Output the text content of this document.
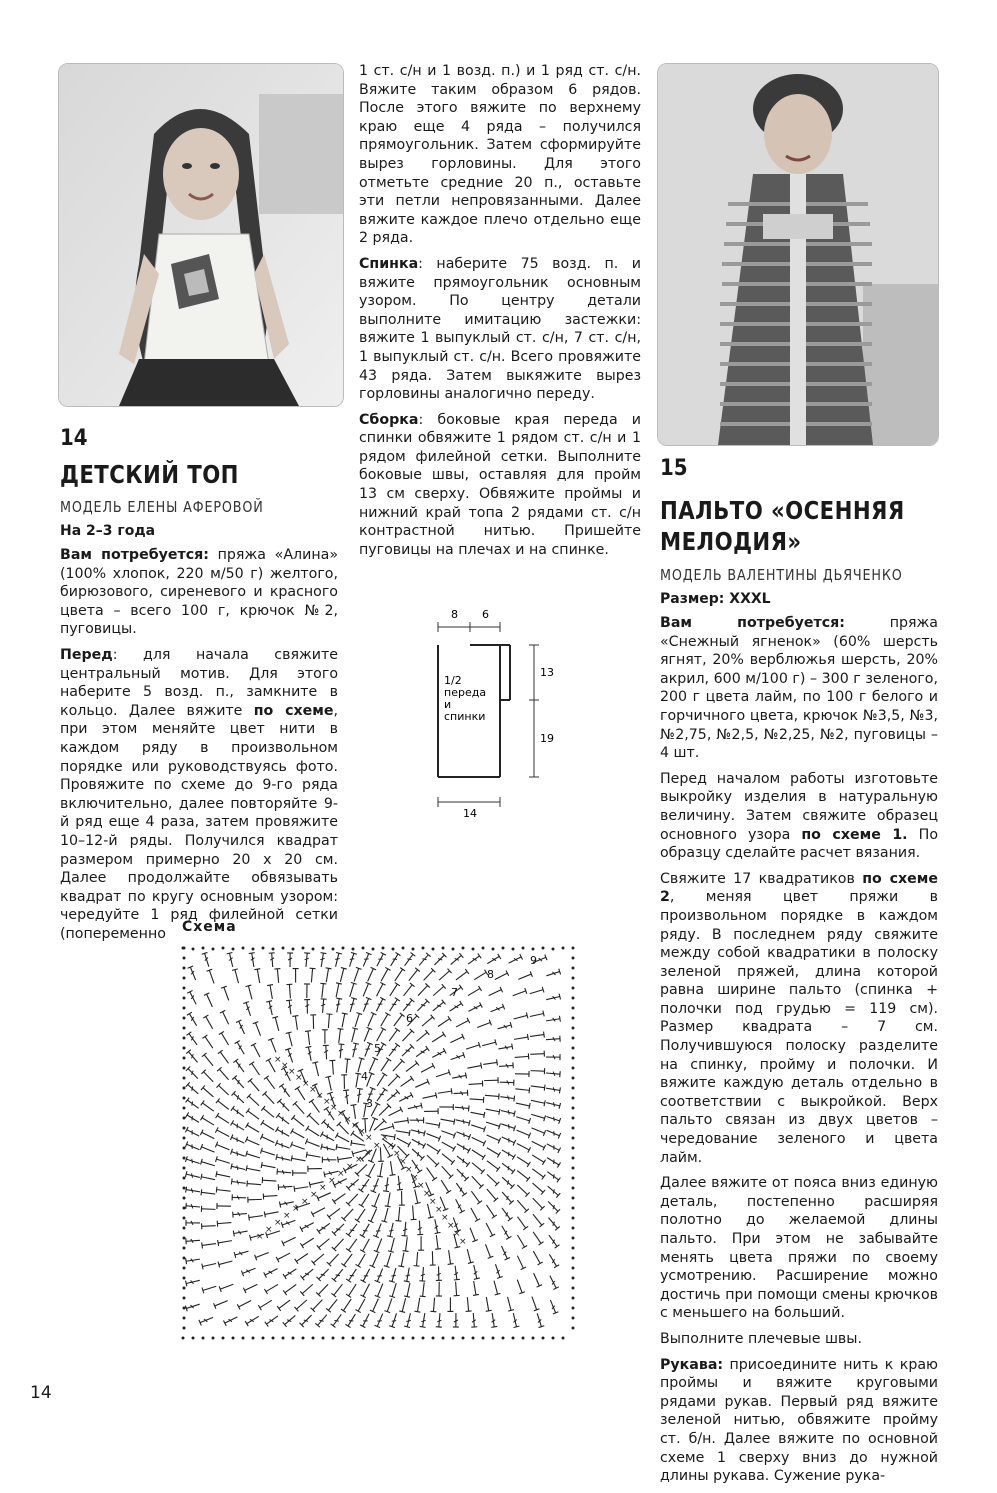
14
ДЕТСКИЙ ТОП
МОДЕЛЬ ЕЛЕНЫ АФЕРОВОЙ
На 2–3 года

Вам потребуется: пряжа «Алина» (100% хлопок, 220 м/50 г) желтого, бирюзового, сиреневого и красного цвета – всего 100 г, крючок №2, пуговицы.

Перед: для начала свяжите центральный мотив. Для этого наберите 5 возд. п., замкните в кольцо. Далее вяжите по схеме, при этом меняйте цвет нити в каждом ряду в произвольном порядке или руководствуясь фото. Провяжите по схеме до 9-го ряда включительно, далее повторяйте 9-й ряд еще 4 раза, затем провяжите 10–12-й ряды. Получился квадрат размером примерно 20 х 20 см. Далее продолжайте обвязывать квадрат по кругу основным узором: чередуйте 1 ряд филейной сетки (попеременно

1 ст. с/н и 1 возд. п.) и 1 ряд ст. с/н. Вяжите таким образом 6 рядов. После этого вяжите по верхнему краю еще 4 ряда – получился прямоугольник. Затем сформируйте вырез горловины. Для этого отметьте средние 20 п., оставьте эти петли непровязанными. Далее вяжите каждое плечо отдельно еще 2 ряда.

Спинка: наберите 75 возд. п. и вяжите прямоугольник основным узором. По центру детали выполните имитацию застежки: вяжите 1 выпуклый ст. с/н, 7 ст. с/н, 1 выпуклый ст. с/н. Всего провяжите 43 ряда. Затем выкяжите вырез горловины аналогично переду.

Сборка: боковые края переда и спинки обвяжите 1 рядом ст. с/н и 1 рядом филейной сетки. Выполните боковые швы, оставляя для пройм 13 см сверху. Обвяжите проймы и нижний край топа 2 рядами ст. с/н контрастной нитью. Пришейте пуговицы на плечах и на спинке.

8 6
13
19
14
1/2
переда
и
спинки
Схема
×
×
× ×
×
× ×
×
×	×
×
×	×
×
×	×
×
×	×
×
×
×
×
×
×
×
×
×
×
×
×
×
×
×
×
×
×
×
×
×
×
×
3
4
5
6
7
8
9
15
ПАЛЬТО «ОСЕННЯЯ
МЕЛОДИЯ»
МОДЕЛЬ ВАЛЕНТИНЫ ДЬЯЧЕНКО
Размер: XXXL

Вам потребуется: пряжа «Снежный ягненок» (60% шерсть ягнят, 20% верблюжья шерсть, 20% акрил, 600 м/100 г) – 300 г зеленого, 200 г цвета лайм, по 100 г белого и горчичного цвета, крючок №3,5, №3, №2,75, №2,5, №2,25, №2, пуговицы – 4 шт.

Перед началом работы изготовьте выкройку изделия в натуральную величину. Затем свяжите образец основного узора по схеме 1. По образцу сделайте расчет вязания.

Свяжите 17 квадратиков по схеме 2, меняя цвет пряжи в произвольном порядке в каждом ряду. В последнем ряду свяжите между собой квадратики в полоску зеленой пряжей, длина которой равна ширине пальто (спинка + полочки под грудью = 119 см). Размер квадрата – 7 см. Получившуюся полоску разделите на спинку, пройму и полочки. И вяжите каждую деталь отдельно в соответствии с выкройкой. Верх пальто связан из двух цветов – чередование зеленого и цвета лайм.

Далее вяжите от пояса вниз единую деталь, постепенно расширяя полотно до желаемой длины пальто. При этом не забывайте менять цвета пряжи по своему усмотрению. Расширение можно достичь при помощи смены крючков с меньшего на больший.

Выполните плечевые швы.

Рукава: присоедините нить к краю проймы и вяжите круговыми рядами рукав. Первый ряд вяжите зеленой нитью, обвяжите пройму ст. б/н. Далее вяжите по основной схеме 1 сверху вниз до нужной длины рукава. Сужение рука-

14
